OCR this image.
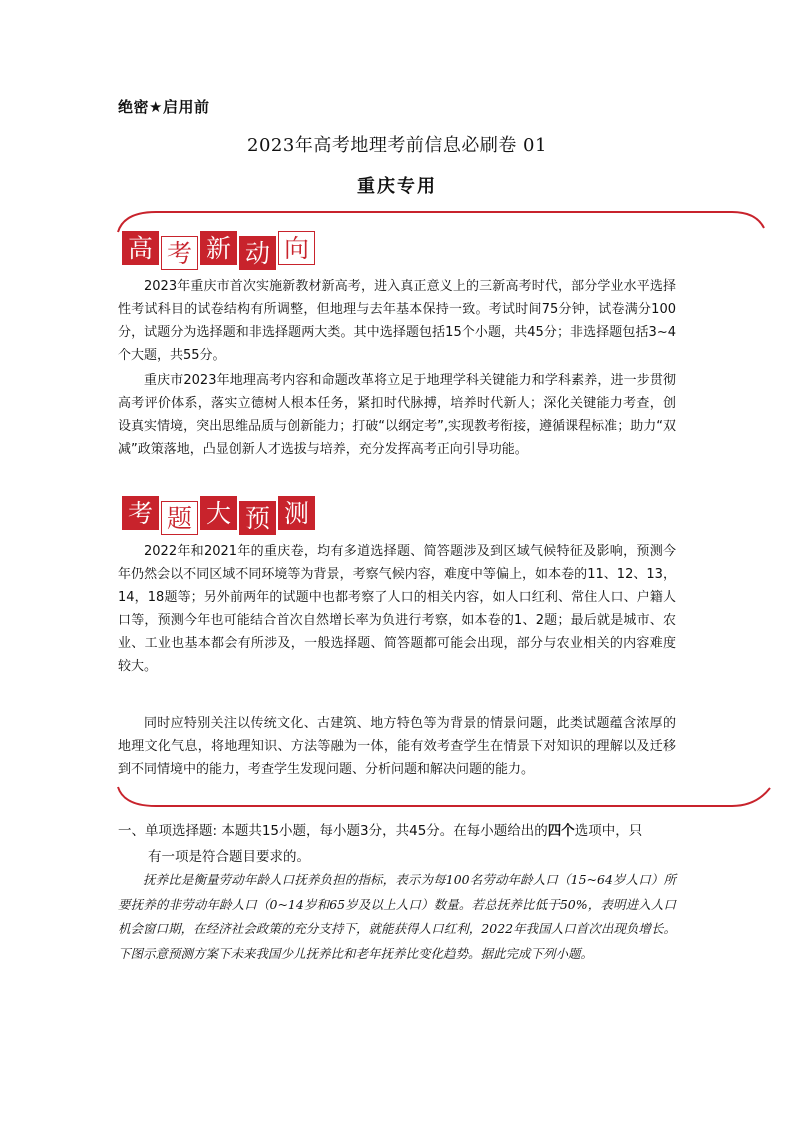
绝密★启用前
2023年高考地理考前信息必刷卷 01
重庆专用
高 考 新 动 向

2023年重庆市首次实施新教材新高考，进入真正意义上的三新高考时代，部分学业水平选择性考试科目的试卷结构有所调整，但地理与去年基本保持一致。考试时间75分钟，试卷满分100分，试题分为选择题和非选择题两大类。其中选择题包括15个小题，共45分；非选择题包括3~4个大题，共55分。

重庆市2023年地理高考内容和命题改革将立足于地理学科关键能力和学科素养，进一步贯彻高考评价体系，落实立德树人根本任务，紧扣时代脉搏，培养时代新人；深化关键能力考查，创设真实情境，突出思维品质与创新能力；打破“以纲定考”,实现教考衔接，遵循课程标准；助力“双减”政策落地，凸显创新人才选拔与培养，充分发挥高考正向引导功能。

考 题 大 预 测

2022年和2021年的重庆卷，均有多道选择题、简答题涉及到区域气候特征及影响，预测今年仍然会以不同区域不同环境等为背景，考察气候内容，难度中等偏上，如本卷的11、12、13，14，18题等；另外前两年的试题中也都考察了人口的相关内容，如人口红利、常住人口、户籍人口等，预测今年也可能结合首次自然增长率为负进行考察，如本卷的1、2题；最后就是城市、农业、工业也基本都会有所涉及，一般选择题、简答题都可能会出现，部分与农业相关的内容难度较大。

同时应特别关注以传统文化、古建筑、地方特色等为背景的情景问题，此类试题蕴含浓厚的地理文化气息，将地理知识、方法等融为一体，能有效考查学生在情景下对知识的理解以及迁移到不同情境中的能力，考查学生发现问题、分析问题和解决问题的能力。

一、单项选择题: 本题共15小题，每小题3分，共45分。在每小题给出的四个选项中，只
有一项是符合题目要求的。

抚养比是衡量劳动年龄人口抚养负担的指标，表示为每100名劳动年龄人口（15~64岁人口）所要抚养的非劳动年龄人口（0~14岁和65岁及以上人口）数量。若总抚养比低于50%，表明进入人口机会窗口期，在经济社会政策的充分支持下，就能获得人口红利，2022年我国人口首次出现负增长。下图示意预测方案下未来我国少儿抚养比和老年抚养比变化趋势。据此完成下列小题。
